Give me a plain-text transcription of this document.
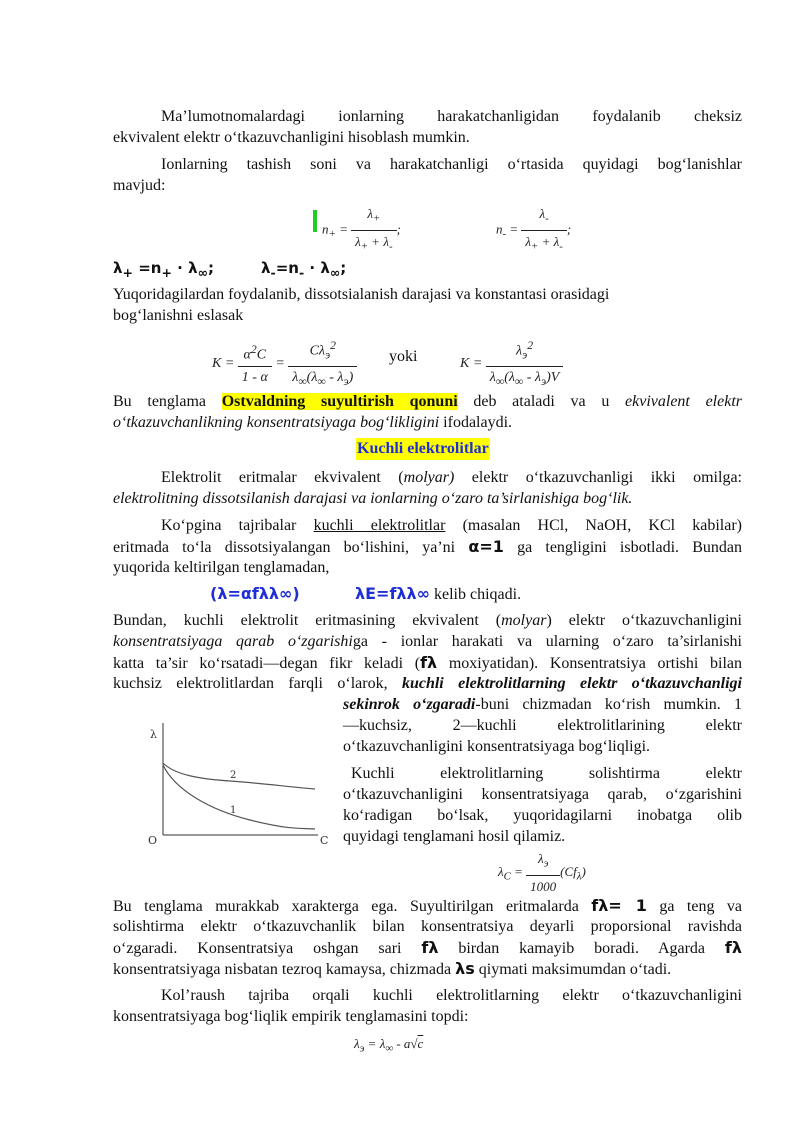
Ma’lumotnomalardagi ionlarning harakatchanligidan foydalanib cheksiz
ekvivalent elektr o‘tkazuvchanligini hisoblash mumkin.
Ionlarning tashish soni va harakatchanligi o‘rtasida quyidagi bog‘lanishlar
mavjud:
$n_+ = \frac{\lambda_+}{\lambda_+ + \lambda_-}$ ;	$n_- = \frac{\lambda_-}{\lambda_+ + \lambda_-}$ ;
$\lambda_+ =n_+ \cdot \lambda_\infty$;         $\lambda_-=n_- \cdot \lambda_\infty$;
Yuqoridagilardan foydalanib, dissotsialanish darajasi va konstantasi orasidagi
bog‘lanishni eslasak
$K = \frac{\alpha^2C}{1 - \alpha} = \frac{C\lambda_э^2}{\lambda_\infty(\lambda_\infty - \lambda_э)}$ yoki	$K = \frac{\lambda_э^2}{\lambda_\infty(\lambda_\infty - \lambda_э)V}$
Bu tenglama Ostvaldning suyultirish qonuni deb ataladi va u ekvivalent elektr
o‘tkazuvchanlikning konsentratsiyaga bog‘likligini ifodalaydi.
Kuchli elektrolitlar
Elektrolit eritmalar ekvivalent (molyar) elektr o‘tkazuvchanligi ikki omilga:
elektrolitning dissotsilanish darajasi va ionlarning o‘zaro ta’sirlanishiga bog‘lik.
Ko‘pgina tajribalar kuchli elektrolitlar (masalan HCl, NaOH, KCl kabilar)
eritmada to‘la dissotsiyalangan bo‘lishini, ya’ni α=1 ga tengligini isbotladi. Bundan
yuqorida keltirilgan tenglamadan,
(λ=αfλλ∞)	λE=fλλ∞ kelib chiqadi.
Bundan, kuchli elektrolit eritmasining ekvivalent (molyar) elektr o‘tkazuvchanligini
konsentratsiyaga qarab o‘zgarishiga - ionlar harakati va ularning o‘zaro ta’sirlanishi
katta ta’sir ko‘rsatadi—degan fikr keladi (fλ moxiyatidan). Konsentratsiya ortishi bilan
kuchsiz elektrolitlardan farqli o‘larok, kuchli elektrolitlarning elektr o‘tkazuvchanligi
sekinrok o‘zgaradi-buni chizmadan ko‘rish mumkin. 1
—kuchsiz, 2—kuchli elektrolitlarining elektr
o‘tkazuvchanligini konsentratsiyaga bog‘liqligi.
Kuchli elektrolitlarning solishtirma elektr
o‘tkazuvchanligini konsentratsiyaga qarab, o‘zgarishini
ko‘radigan bo‘lsak, yuqoridagilarni inobatga olib
quyidagi tenglamani hosil qilamiz.
λ
C
O
2
1
$\lambda_C = \frac{\lambda_э}{1000} (Cf_\lambda)$
Bu tenglama murakkab xarakterga ega. Suyultirilgan eritmalarda fλ= 1 ga teng va
solishtirma elektr o‘tkazuvchanlik bilan konsentratsiya deyarli proporsional ravishda
o‘zgaradi. Konsentratsiya oshgan sari fλ birdan kamayib boradi. Agarda fλ
konsentratsiyaga nisbatan tezroq kamaysa, chizmada λs qiymati maksimumdan o‘tadi.
Kol’raush tajriba orqali kuchli elektrolitlarning elektr o‘tkazuvchanligini
konsentratsiyaga bog‘liqlik empirik tenglamasini topdi:
$\lambda_э = \lambda_\infty - a√c$
